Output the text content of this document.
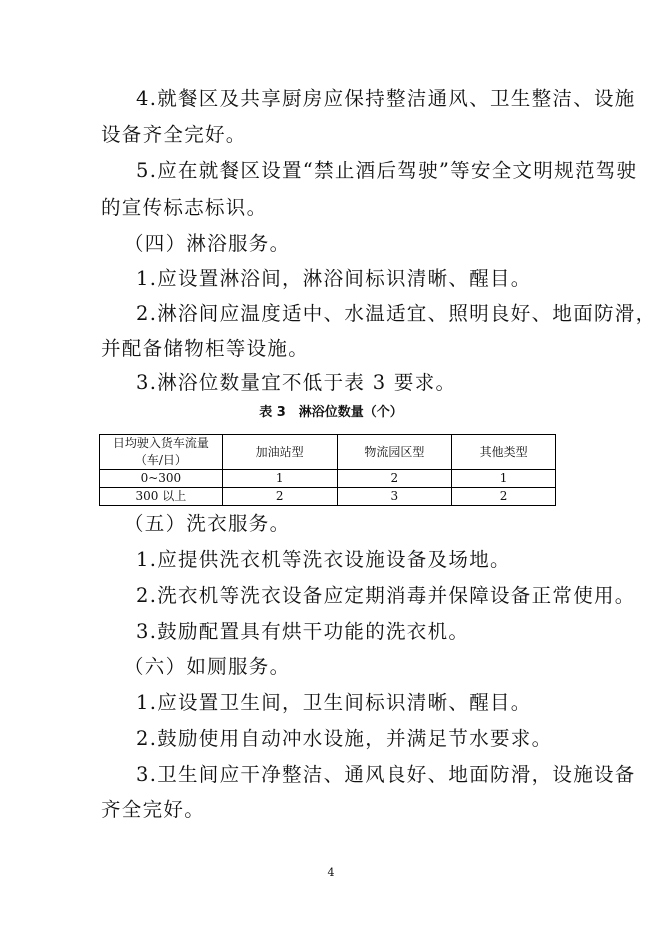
4.就餐区及共享厨房应保持整洁通风、卫生整洁、设施
设备齐全完好。
5.应在就餐区设置“禁止酒后驾驶”等安全文明规范驾驶
的宣传标志标识。
（四）淋浴服务。
1.应设置淋浴间，淋浴间标识清晰、醒目。
2.淋浴间应温度适中、水温适宜、照明良好、地面防滑，
并配备储物柜等设施。
3.淋浴位数量宜不低于表 3 要求。
表 3　淋浴位数量（个）
日均驶入货车流量
（车/日）	加油站型	物流园区型	其他类型
0~300	1	2	1
300 以上	2	3	2
（五）洗衣服务。
1.应提供洗衣机等洗衣设施设备及场地。
2.洗衣机等洗衣设备应定期消毒并保障设备正常使用。
3.鼓励配置具有烘干功能的洗衣机。
（六）如厕服务。
1.应设置卫生间，卫生间标识清晰、醒目。
2.鼓励使用自动冲水设施，并满足节水要求。
3.卫生间应干净整洁、通风良好、地面防滑，设施设备
齐全完好。
4
